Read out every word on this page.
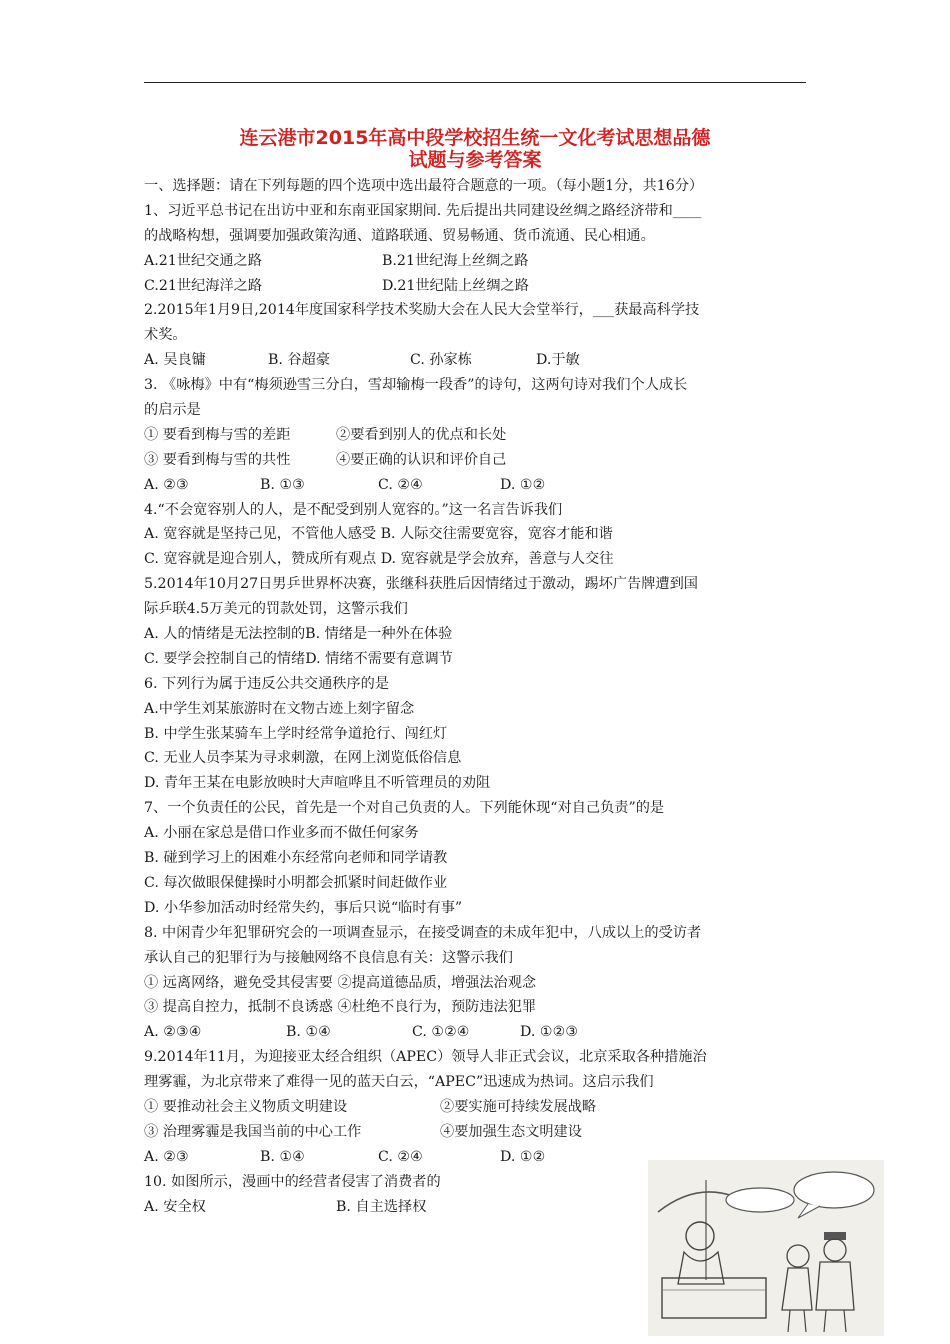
连云港市2015年高中段学校招生统一文化考试思想品德
试题与参考答案
一、选择题：请在下列每题的四个选项中选出最符合题意的一项。（每小题1分，共16分）
1、习近平总书记在出访中亚和东南亚国家期间. 先后提出共同建设丝绸之路经济带和____
的战略构想，强调要加强政策沟通、道路联通、贸易畅通、货币流通、民心相通。
A.21世纪交通之路	B.21世纪海上丝绸之路
C.21世纪海洋之路	D.21世纪陆上丝绸之路
2.2015年1月9日,2014年度国家科学技术奖励大会在人民大会堂举行，___获最高科学技
术奖。
A. 吴良镛	B. 谷超豪	C. 孙家栋	D.于敏
3. 《咏梅》中有“梅须逊雪三分白，雪却输梅一段香”的诗句，这两句诗对我们个人成长
的启示是
① 要看到梅与雪的差距	②要看到别人的优点和长处
③ 要看到梅与雪的共性	④要正确的认识和评价自己
A. ②③	B. ①③	C. ②④	D. ①②
4.“不会宽容别人的人，是不配受到别人宽容的。”这一名言告诉我们
A. 宽容就是坚持己见，不管他人感受 B. 人际交往需要宽容，宽容才能和谐
C. 宽容就是迎合别人，赞成所有观点 D. 宽容就是学会放弃，善意与人交往
5.2014年10月27日男乒世界杯决赛，张继科获胜后因情绪过于激动，踢坏广告牌遭到国
际乒联4.5万美元的罚款处罚，这警示我们
A. 人的情绪是无法控制的B. 情绪是一种外在体验
C. 要学会控制自己的情绪D. 情绪不需要有意调节
6. 下列行为属于违反公共交通秩序的是
A.中学生刘某旅游时在文物古迹上刻字留念
B. 中学生张某骑车上学时经常争道抢行、闯红灯
C. 无业人员李某为寻求刺激，在网上浏览低俗信息
D. 青年王某在电影放映时大声喧哗且不听管理员的劝阻
7、一个负责任的公民，首先是一个对自己负责的人。下列能休现“对自己负责”的是
A. 小丽在家总是借口作业多而不做任何家务
B. 碰到学习上的困难小东经常向老师和同学请教
C. 每次做眼保健操时小明都会抓紧时间赶做作业
D. 小华参加活动时经常失约，事后只说“临时有事”
8. 中闲青少年犯罪研究会的一项调查显示，在接受调查的未成年犯中，八成以上的受访者
承认自己的犯罪行为与接触网络不良信息有关：这警示我们
① 远离网络，避免受其侵害要 ②提高道德品质，增强法治观念
③ 提高自控力，抵制不良诱惑 ④杜绝不良行为，预防违法犯罪
A. ②③④	B. ①④	C. ①②④	D. ①②③
9.2014年11月，为迎接亚太经合组织（APEC）领导人非正式会议，北京采取各种措施治
理雾霾，为北京带来了难得一见的蓝天白云，“APEC”迅速成为热词。这启示我们
① 要推动社会主义物质文明建设	②要实施可持续发展战略
③ 治理雾霾是我国当前的中心工作	④要加强生态文明建设
A. ②③	B. ①④	C. ②④	D. ①②
10. 如图所示，漫画中的经营者侵害了消费者的
A. 安全权	B. 自主选择权
